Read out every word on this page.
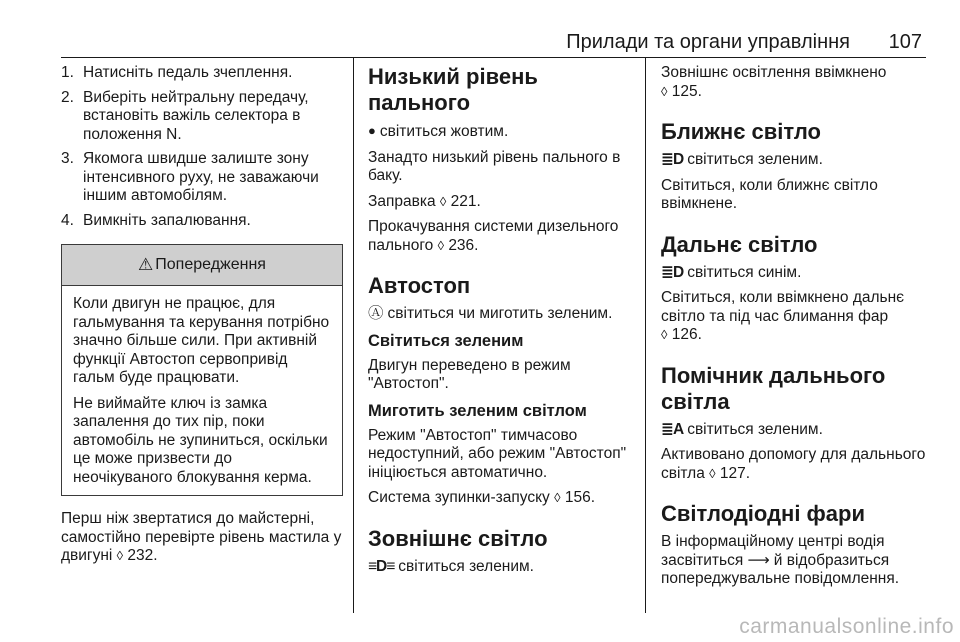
Прилади та органи управління 107
1. Натисніть педаль зчеплення.
2. Виберіть нейтральну передачу, встановіть важіль селектора в положення N.
3. Якомога швидше залиште зону інтенсивного руху, не заважаючи іншим автомобілям.
4. Вимкніть запалювання.
⚠ Попередження

Коли двигун не працює, для гальмування та керування потрібно значно більше сили. При активній функції Автостоп сервопривід гальм буде працювати.

Не виймайте ключ із замка запалення до тих пір, поки автомобіль не зупиниться, оскільки це може призвести до неочікуваного блокування керма.

Перш ніж звертатися до майстерні, самостійно перевірте рівень мастила у двигуні ◊ 232.

Низький рівень пального

● світиться жовтим.

Занадто низький рівень пального в баку.

Заправка ◊ 221.

Прокачування системи дизельного пального ◊ 236.

Автостоп

Ⓐ світиться чи миготить зеленим.

Світиться зеленим

Двигун переведено в режим "Автостоп".

Миготить зеленим світлом

Режим "Автостоп" тимчасово недоступний, або режим "Автостоп" ініціюється автоматично.

Система зупинки-запуску ◊ 156.

Зовнішнє світло

≡D≡ світиться зеленим.

Зовнішнє освітлення ввімкнено
◊ 125.

Ближнє світло

≣D світиться зеленим.

Світиться, коли ближнє світло ввімкнене.

Дальнє світло

≣D світиться синім.

Світиться, коли ввімкнено дальнє світло та під час блимання фар
◊ 126.

Помічник дальнього світла

≣A світиться зеленим.

Активовано допомогу для дальнього світла ◊ 127.

Світлодіодні фари

В інформаційному центрі водія засвітиться ⟶ й відобразиться попереджувальне повідомлення.

carmanualsonline.info
